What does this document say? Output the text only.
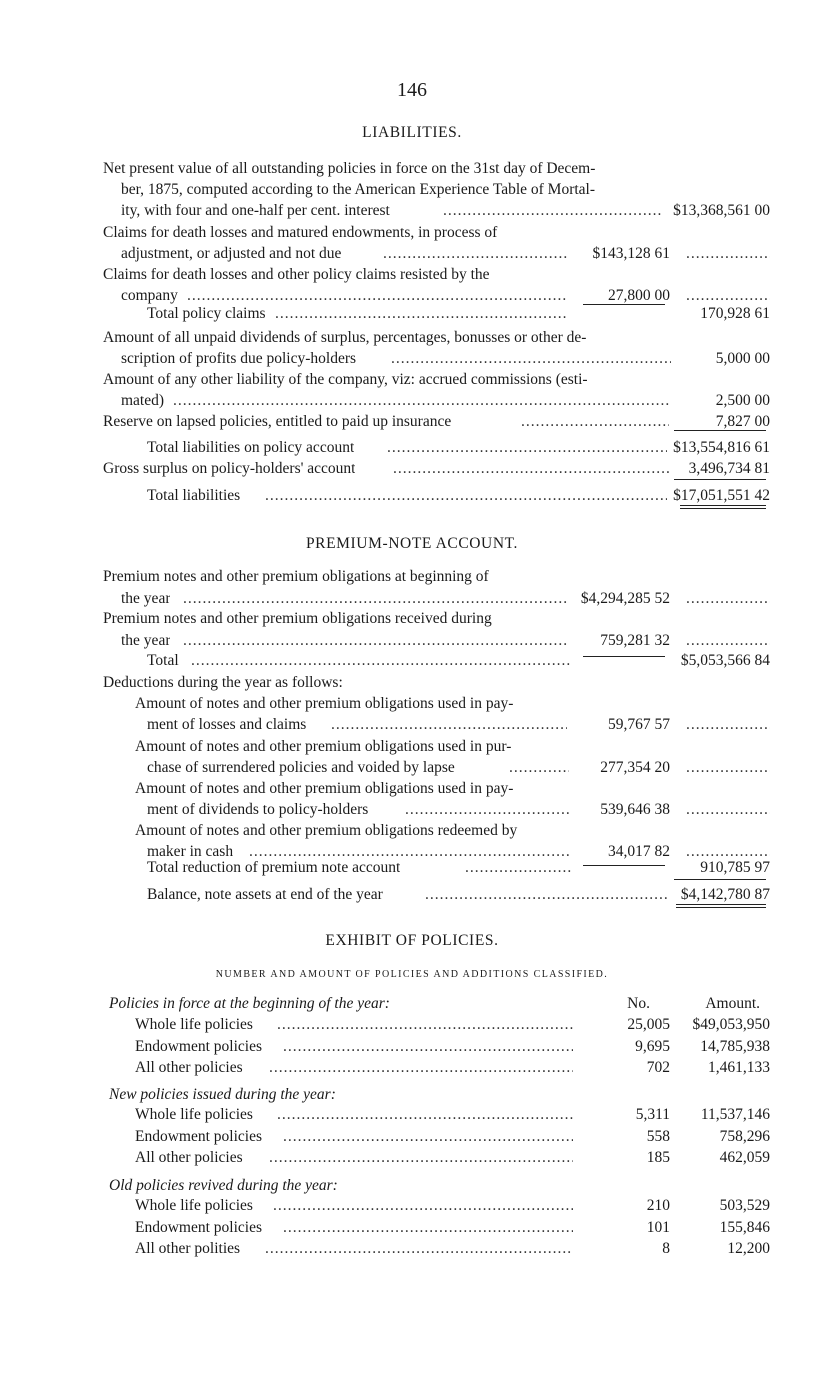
146
LIABILITIES.
Net present value of all outstanding policies in force on the 31st day of Decem-
ber, 1875, computed according to the American Experience Table of Mortal-
ity, with four and one-half per cent. interest .....	$13,368,561 00
Claims for death losses and matured endowments, in process of
adjustment, or adjusted and not due .....	$143,128 61
.....
Claims for death losses and other policy claims resisted by the
company .....	27,800 00
.....
Total policy claims .....	170,928 61
Amount of all unpaid dividends of surplus, percentages, bonusses or other de-
scription of profits due policy-holders .....	5,000 00
Amount of any other liability of the company, viz: accrued commissions (esti-
mated) .....	2,500 00
Reserve on lapsed policies, entitled to paid up insurance .....	7,827 00
Total liabilities on policy account .....	$13,554,816 61
Gross surplus on policy-holders' account .....	3,496,734 81
Total liabilities .....	$17,051,551 42
PREMIUM-NOTE ACCOUNT.
Premium notes and other premium obligations at beginning of
the year .....	$4,294,285 52
.....
Premium notes and other premium obligations received during
the year .....	759,281 32
.....
Total .....	$5,053,566 84
Deductions during the year as follows:
Amount of notes and other premium obligations used in pay-
ment of losses and claims .....	59,767 57
.....
Amount of notes and other premium obligations used in pur-
chase of surrendered policies and voided by lapse .....	277,354 20
.....
Amount of notes and other premium obligations used in pay-
ment of dividends to policy-holders .....	539,646 38
.....
Amount of notes and other premium obligations redeemed by
maker in cash .....	34,017 82
.....
Total reduction of premium note account .....	910,785 97
Balance, note assets at end of the year .....	$4,142,780 87
EXHIBIT OF POLICIES.
NUMBER AND AMOUNT OF POLICIES AND ADDITIONS CLASSIFIED.
No.	Amount.
Policies in force at the beginning of the year:
Whole life policies .....	25,005 $49,053,950
Endowment policies .....	9,695 14,785,938
All other policies .....	702 1,461,133
New policies issued during the year:
Whole life policies .....	5,311 11,537,146
Endowment policies .....	558	758,296
All other policies .....	185	462,059
Old policies revived during the year:
Whole life policies .....	210	503,529
Endowment policies .....	101	155,846
All other polities .....	8	12,200
